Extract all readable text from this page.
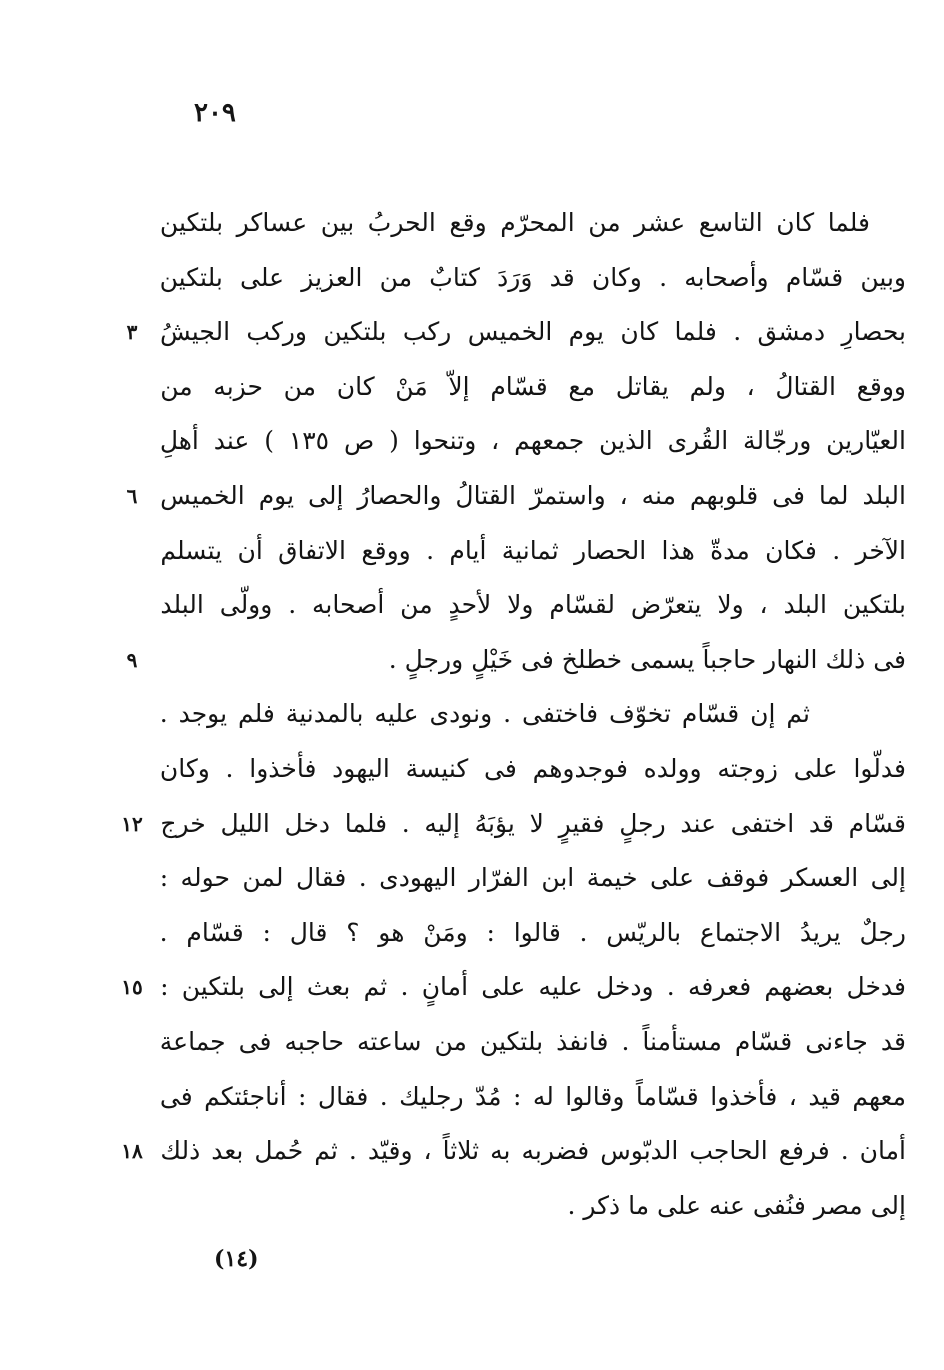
٢٠٩
فلما كان التاسع عشر من المحرّم وقع الحربُ بين عساكر بلتكين
وبين قسّام وأصحابه . وكان قد وَرَدَ كتابٌ من العزيز على بلتكين
بحصارِ دمشق . فلما كان يوم الخميس ركب بلتكين وركب الجيشُ
٣
ووقع القتالُ ، ولم يقاتل مع قسّام إلاّ مَنْ كان من حزبه من
العيّارين ورجّالة القُرى الذين جمعهم ، وتنحوا ( ص ١٣٥ ) عند أهلِ
البلد لما فى قلوبهم منه ، واستمرّ القتالُ والحصارُ إلى يوم الخميس
٦
الآخر . فكان مدةّ هذا الحصار ثمانية أيام . ووقع الاتفاق أن يتسلم
بلتكين البلد ، ولا يتعرّض لقسّام ولا لأحدٍ من أصحابه . وولّى البلد
فى ذلك النهار حاجباً يسمى خطلخ فى خَيْلٍ ورجلٍ .
٩
ثم إن قسّام تخوّف فاختفى . ونودى عليه بالمدنية فلم يوجد .
فدلّوا على زوجته وولده فوجدوهم فى كنيسة اليهود فأخذوا . وكان
قسّام قد اختفى عند رجلٍ فقيرٍ لا يؤبَهُ إليه . فلما دخل الليل خرج
١٢
إلى العسكر فوقف على خيمة ابن الفرّار اليهودى . فقال لمن حوله :
رجلٌ يريدُ الاجتماع بالريّس . قالوا : ومَنْ هو ؟ قال : قسّام .
فدخل بعضهم فعرفه . ودخل عليه على أمانٍ . ثم بعث إلى بلتكين :
١٥
قد جاءنى قسّام مستأمناً . فانفذ بلتكين من ساعته حاجبه فى جماعة
معهم قيد ، فأخذوا قسّاماً وقالوا له : مُدّ رجليك . فقال : أناجئتكم فى
أمان . فرفع الحاجب الدبّوس فضربه به ثلاثاً ، وقيّد . ثم حُمل بعد ذلك
١٨
إلى مصر فنُفى عنه على ما ذكر .
(١٤)
